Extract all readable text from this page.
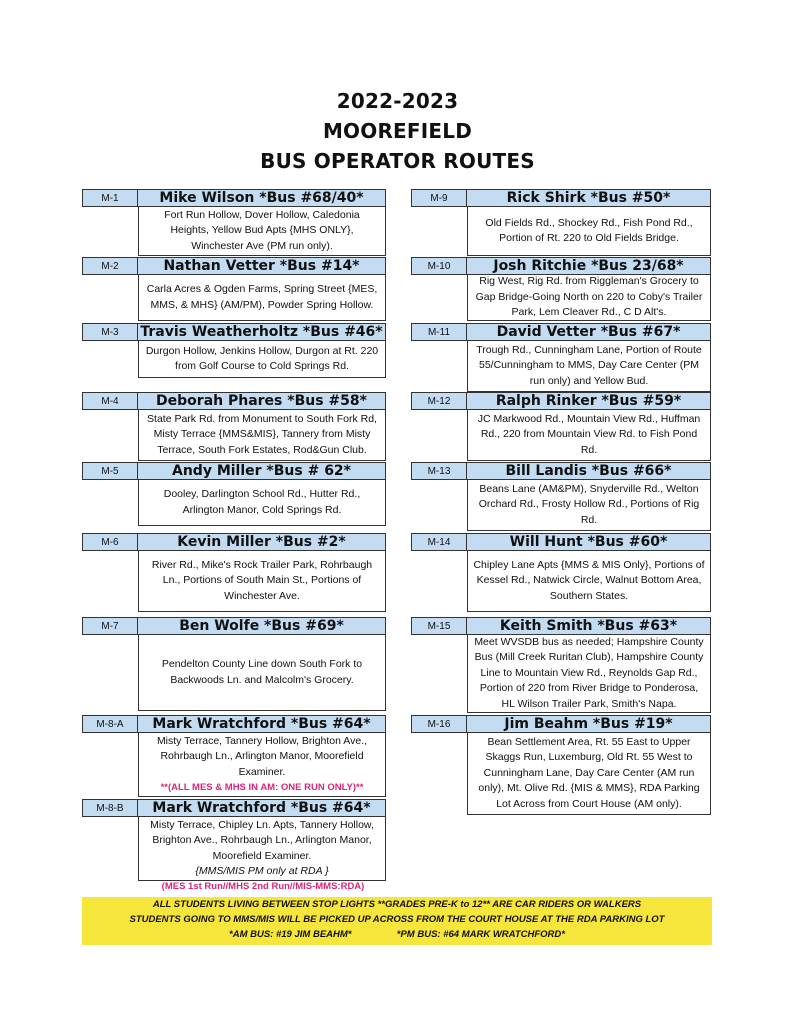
2022-2023
MOOREFIELD
BUS OPERATOR ROUTES
M-1	Mike Wilson *Bus #68/40*
Fort Run Hollow, Dover Hollow, Caledonia
Heights, Yellow Bud Apts {MHS ONLY},
Winchester Ave (PM run only).
M-2	Nathan Vetter *Bus #14*
Carla Acres & Ogden Farms, Spring Street {MES,
MMS, & MHS} (AM/PM), Powder Spring Hollow.
M-3	Travis Weatherholtz *Bus #46*
Durgon Hollow, Jenkins Hollow, Durgon at Rt. 220
from Golf Course to Cold Springs Rd.
M-4	Deborah Phares *Bus #58*
State Park Rd. from Monument to South Fork Rd,
Misty Terrace {MMS&MIS}, Tannery from Misty
Terrace, South Fork Estates, Rod&Gun Club.
M-5	Andy Miller *Bus # 62*
Dooley, Darlington School Rd., Hutter Rd.,
Arlington Manor, Cold Springs Rd.
M-6	Kevin Miller *Bus #2*
River Rd., Mike's Rock Trailer Park, Rohrbaugh
Ln., Portions of South Main St., Portions of
Winchester Ave.
M-7	Ben Wolfe *Bus #69*
Pendelton County Line down South Fork to
Backwoods Ln. and Malcolm's Grocery.
M-8-A	Mark Wratchford *Bus #64*
Misty Terrace, Tannery Hollow, Brighton Ave.,
Rohrbaugh Ln., Arlington Manor, Moorefield
Examiner.
**(ALL MES & MHS IN AM: ONE RUN ONLY)**
M-8-B	Mark Wratchford *Bus #64*
Misty Terrace, Chipley Ln. Apts, Tannery Hollow,
Brighton Ave., Rohrbaugh Ln., Arlington Manor,
Moorefield Examiner.
{MMS/MIS PM only at RDA }
(MES 1st Run//MHS 2nd Run//MIS-MMS:RDA)
M-9	Rick Shirk *Bus #50*
Old Fields Rd., Shockey Rd., Fish Pond Rd.,
Portion of Rt. 220 to Old Fields Bridge.
M-10	Josh Ritchie *Bus 23/68*
Rig West, Rig Rd. from Riggleman's Grocery to
Gap Bridge-Going North on 220 to Coby's Trailer
Park, Lem Cleaver Rd., C D Alt's.
M-11	David Vetter *Bus #67*
Trough Rd., Cunningham Lane, Portion of Route
55/Cunningham to MMS, Day Care Center (PM
run only) and Yellow Bud.
M-12	Ralph Rinker *Bus #59*
JC Markwood Rd., Mountain View Rd., Huffman
Rd., 220 from Mountain View Rd. to Fish Pond
Rd.
M-13	Bill Landis *Bus #66*
Beans Lane (AM&PM), Snyderville Rd., Welton
Orchard Rd., Frosty Hollow Rd., Portions of Rig
Rd.
M-14	Will Hunt *Bus #60*
Chipley Lane Apts {MMS & MIS Only}, Portions of
Kessel Rd., Natwick Circle, Walnut Bottom Area,
Southern States.
M-15	Keith Smith *Bus #63*
Meet WVSDB bus as needed; Hampshire County
Bus (Mill Creek Ruritan Club), Hampshire County
Line to Mountain View Rd., Reynolds Gap Rd.,
Portion of 220 from River Bridge to Ponderosa,
HL Wilson Trailer Park, Smith's Napa.
M-16	Jim Beahm *Bus #19*
Bean Settlement Area, Rt. 55 East to Upper
Skaggs Run, Luxemburg, Old Rt. 55 West to
Cunningham Lane, Day Care Center (AM run
only), Mt. Olive Rd. {MIS & MMS}, RDA Parking
Lot Across from Court House (AM only).
ALL STUDENTS LIVING BETWEEN STOP LIGHTS **GRADES PRE-K to 12** ARE CAR RIDERS OR WALKERS
STUDENTS GOING TO MMS/MIS WILL BE PICKED UP ACROSS FROM THE COURT HOUSE AT THE RDA PARKING LOT
*AM BUS: #19 JIM BEAHM*	*PM BUS: #64 MARK WRATCHFORD*
